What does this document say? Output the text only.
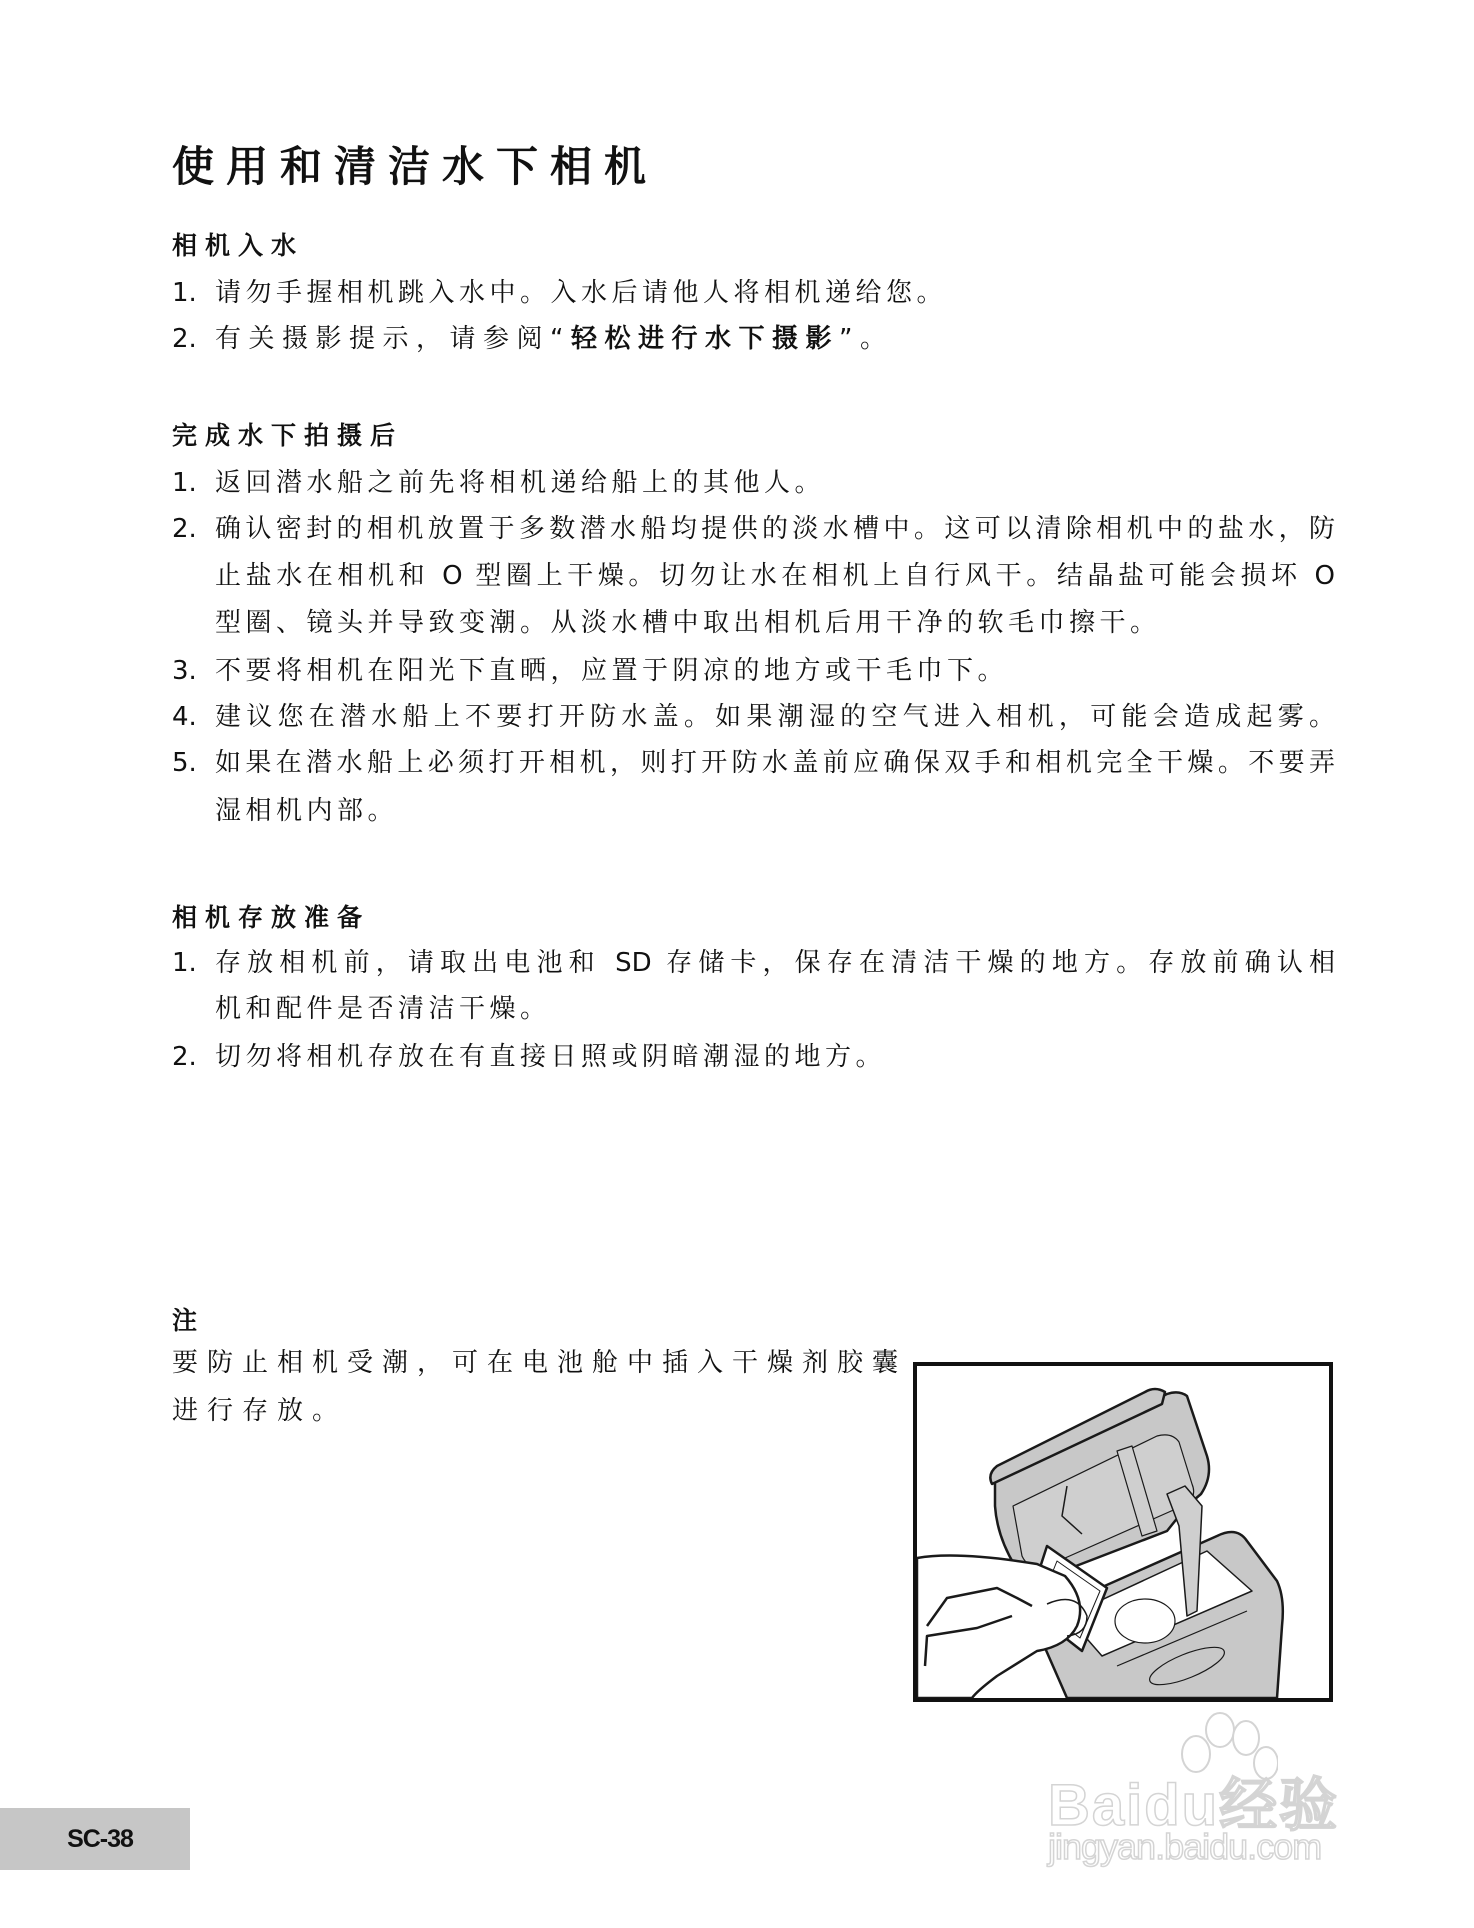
使用和清洁水下相机
相机入水
1. 请勿手握相机跳入水中。入水后请他人将相机递给您。
2. 有关摄影提示，请参阅“轻松进行水下摄影”。
完成水下拍摄后
1. 返回潜水船之前先将相机递给船上的其他人。
2. 确认密封的相机放置于多数潜水船均提供的淡水槽中。这可以清除相机中的盐水，防
止盐水在相机和 O 型圈上干燥。切勿让水在相机上自行风干。结晶盐可能会损坏 O
型圈、镜头并导致变潮。从淡水槽中取出相机后用干净的软毛巾擦干。
3. 不要将相机在阳光下直晒，应置于阴凉的地方或干毛巾下。
4. 建议您在潜水船上不要打开防水盖。如果潮湿的空气进入相机，可能会造成起雾。
5. 如果在潜水船上必须打开相机，则打开防水盖前应确保双手和相机完全干燥。不要弄
湿相机内部。
相机存放准备
1. 存放相机前，请取出电池和 SD 存储卡，保存在清洁干燥的地方。存放前确认相
机和配件是否清洁干燥。
2. 切勿将相机存放在有直接日照或阴暗潮湿的地方。
注
要防止相机受潮，可在电池舱中插入干燥剂胶囊
进行存放。
SC-38
Baidu经验
jingyan.baidu.com
